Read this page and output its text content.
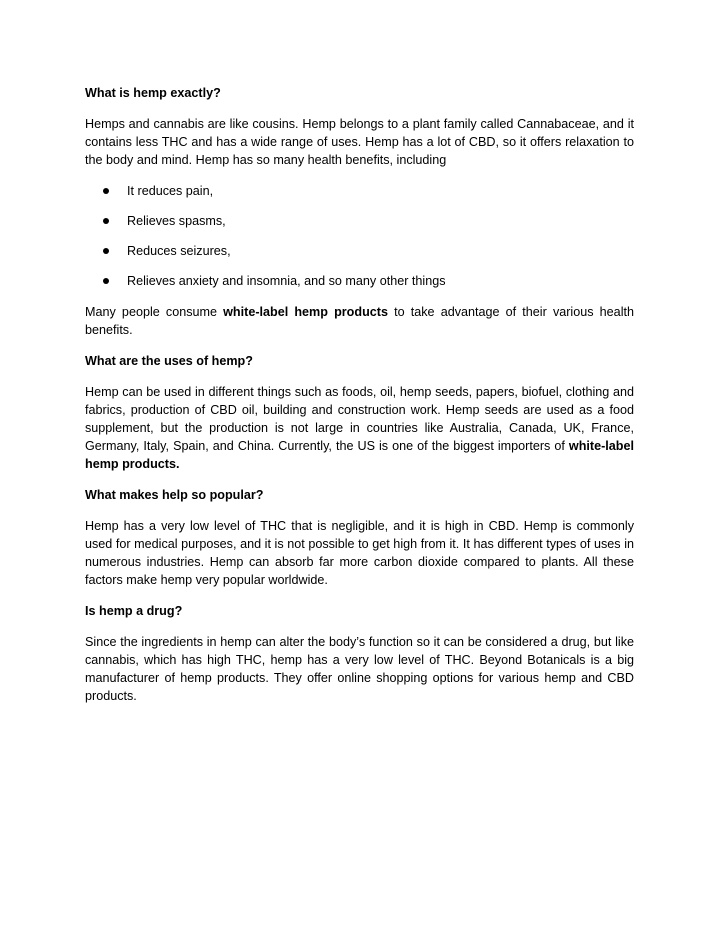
What is hemp exactly?

Hemps and cannabis are like cousins. Hemp belongs to a plant family called Cannabaceae, and it contains less THC and has a wide range of uses. Hemp has a lot of CBD, so it offers relaxation to the body and mind. Hemp has so many health benefits, including

It reduces pain,
Relieves spasms,
Reduces seizures,
Relieves anxiety and insomnia, and so many other things

Many people consume white-label hemp products to take advantage of their various health benefits.

What are the uses of hemp?

Hemp can be used in different things such as foods, oil, hemp seeds, papers, biofuel, clothing and fabrics, production of CBD oil, building and construction work. Hemp seeds are used as a food supplement, but the production is not large in countries like Australia, Canada, UK, France, Germany, Italy, Spain, and China. Currently, the US is one of the biggest importers of white-label hemp products.

What makes help so popular?

Hemp has a very low level of THC that is negligible, and it is high in CBD. Hemp is commonly used for medical purposes, and it is not possible to get high from it. It has different types of uses in numerous industries. Hemp can absorb far more carbon dioxide compared to plants. All these factors make hemp very popular worldwide.

Is hemp a drug?

Since the ingredients in hemp can alter the body’s function so it can be considered a drug, but like cannabis, which has high THC, hemp has a very low level of THC. Beyond Botanicals is a big manufacturer of hemp products. They offer online shopping options for various hemp and CBD products.
